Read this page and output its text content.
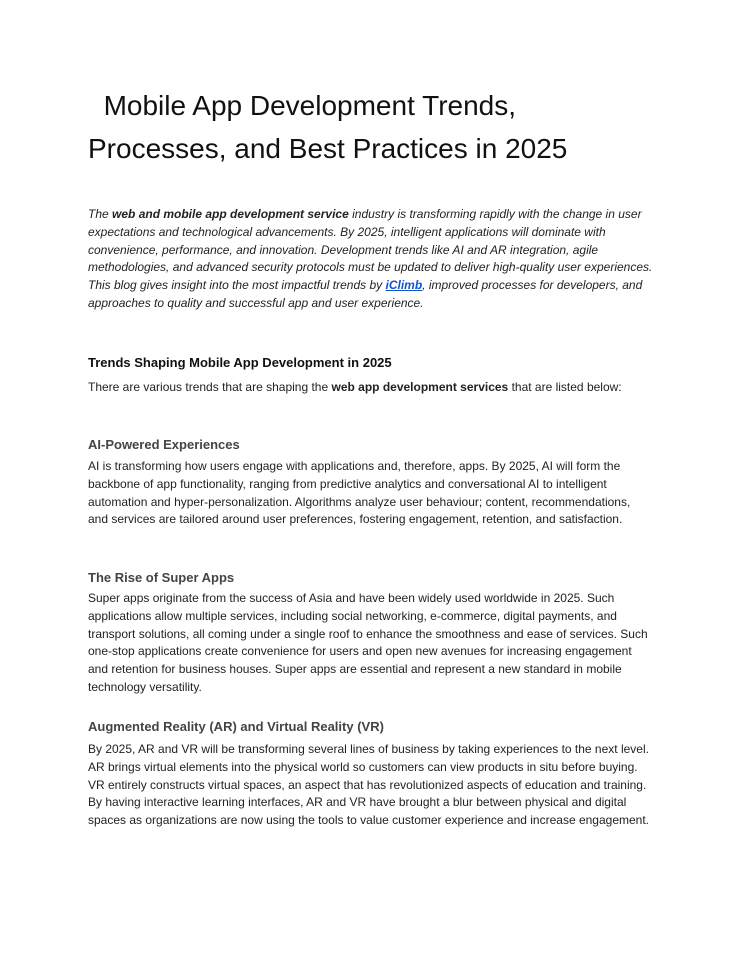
Mobile App Development Trends,
Processes, and Best Practices in 2025

The web and mobile app development service industry is transforming rapidly with the change in user expectations and technological advancements. By 2025, intelligent applications will dominate with convenience, performance, and innovation. Development trends like AI and AR integration, agile methodologies, and advanced security protocols must be updated to deliver high-quality user experiences. This blog gives insight into the most impactful trends by iClimb, improved processes for developers, and approaches to quality and successful app and user experience.

Trends Shaping Mobile App Development in 2025

There are various trends that are shaping the web app development services that are listed below:

AI-Powered Experiences

AI is transforming how users engage with applications and, therefore, apps. By 2025, AI will form the backbone of app functionality, ranging from predictive analytics and conversational AI to intelligent automation and hyper-personalization. Algorithms analyze user behaviour; content, recommendations, and services are tailored around user preferences, fostering engagement, retention, and satisfaction.

The Rise of Super Apps

Super apps originate from the success of Asia and have been widely used worldwide in 2025. Such applications allow multiple services, including social networking, e-commerce, digital payments, and transport solutions, all coming under a single roof to enhance the smoothness and ease of services. Such one-stop applications create convenience for users and open new avenues for increasing engagement and retention for business houses. Super apps are essential and represent a new standard in mobile technology versatility.

Augmented Reality (AR) and Virtual Reality (VR)

By 2025, AR and VR will be transforming several lines of business by taking experiences to the next level. AR brings virtual elements into the physical world so customers can view products in situ before buying. VR entirely constructs virtual spaces, an aspect that has revolutionized aspects of education and training. By having interactive learning interfaces, AR and VR have brought a blur between physical and digital spaces as organizations are now using the tools to value customer experience and increase engagement.
